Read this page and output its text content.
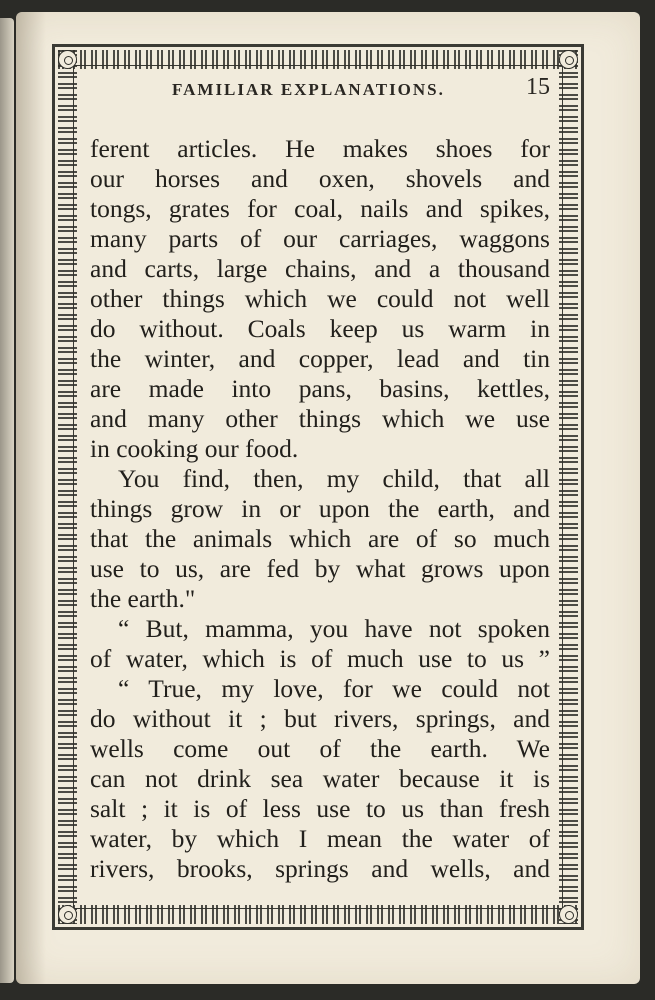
FAMILIAR EXPLANATIONS.	15
ferent articles. He makes shoes for
our horses and oxen, shovels and
tongs, grates for coal, nails and spikes,
many parts of our carriages, waggons
and carts, large chains, and a thousand
other things which we could not well
do without. Coals keep us warm in
the winter, and copper, lead and tin
are made into pans, basins, kettles,
and many other things which we use
in cooking our food.
You find, then, my child, that all
things grow in or upon the earth, and
that the animals which are of so much
use to us, are fed by what grows upon
the earth."
“ But, mamma, you have not spoken
of water, which is of much use to us ”
“ True, my love, for we could not
do without it ; but rivers, springs, and
wells come out of the earth. We
can not drink sea water because it is
salt ; it is of less use to us than fresh
water, by which I mean the water of
rivers, brooks, springs and wells, and
